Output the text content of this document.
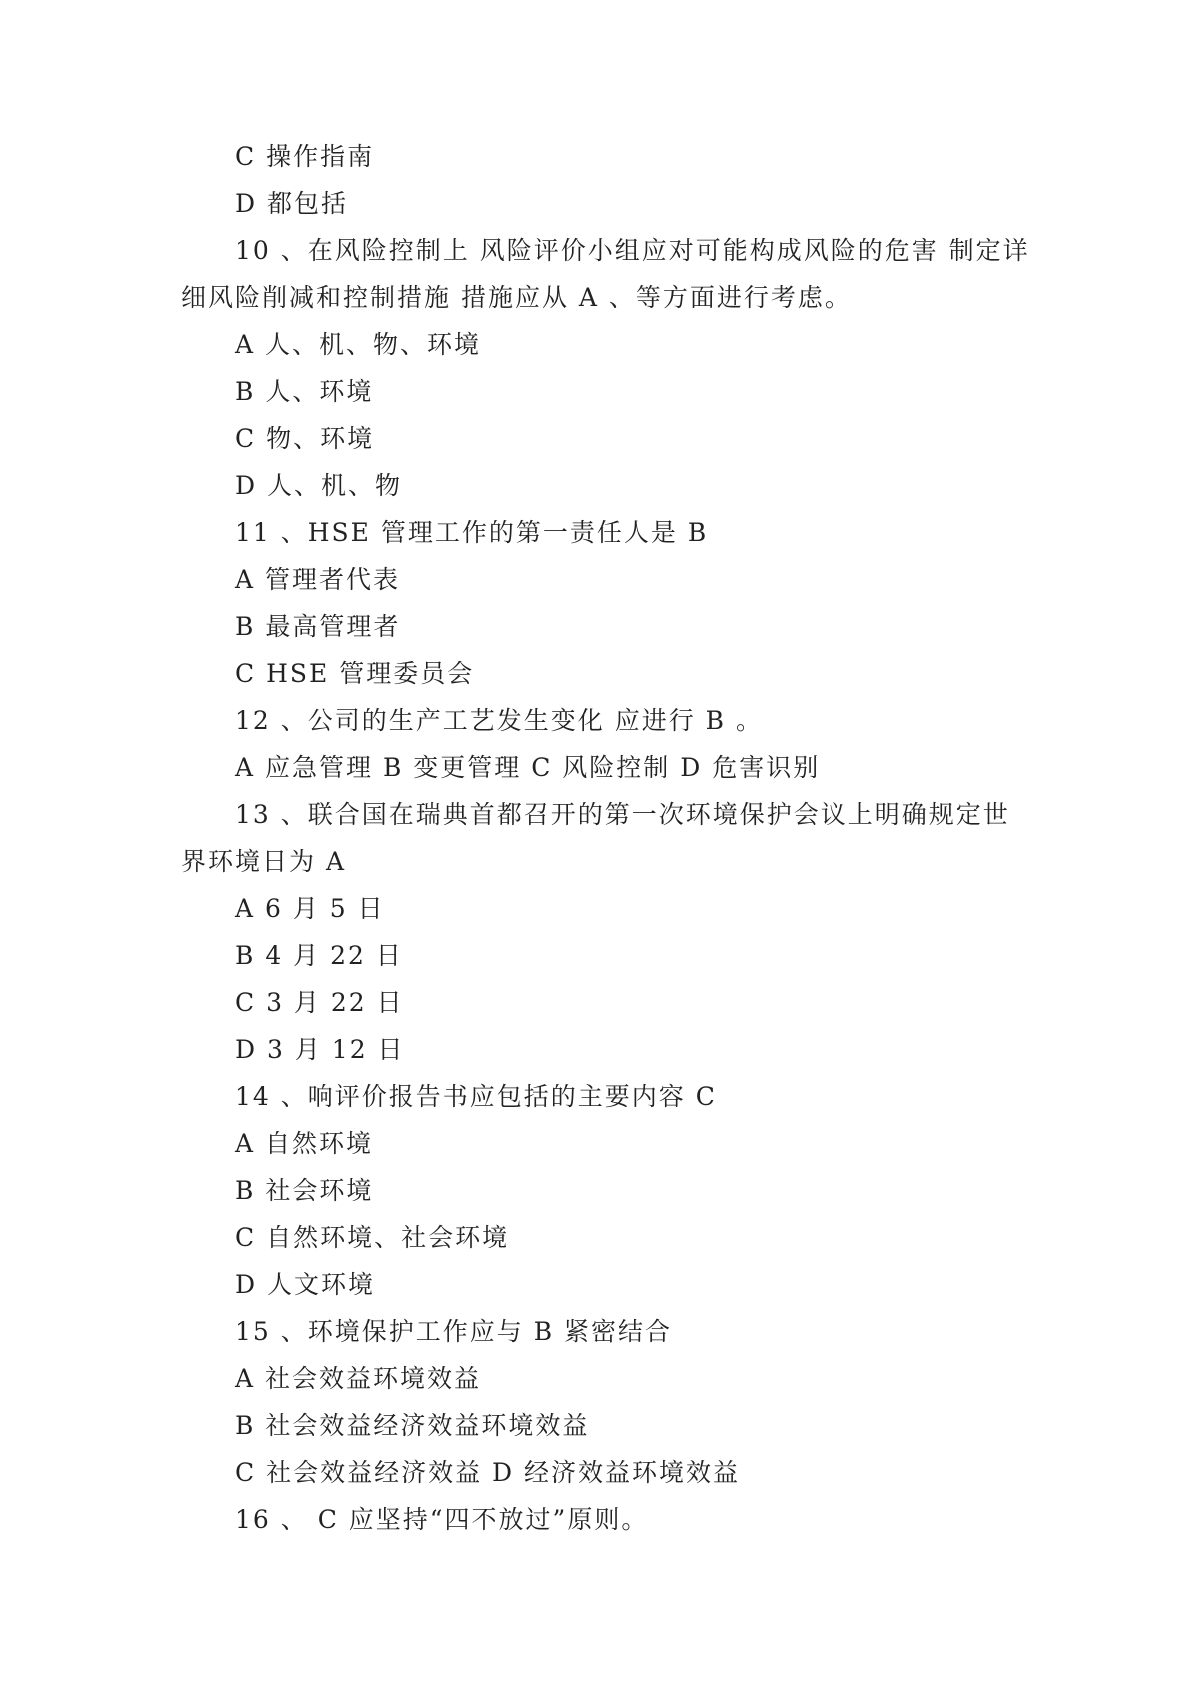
C 操作指南
D 都包括
10 、在风险控制上 风险评价小组应对可能构成风险的危害 制定详
细风险削减和控制措施 措施应从 A 、等方面进行考虑。
A 人、机、物、环境
B 人、环境
C 物、环境
D 人、机、物
11 、HSE 管理工作的第一责任人是 B
A 管理者代表
B 最高管理者
C HSE 管理委员会
12 、公司的生产工艺发生变化 应进行 B 。
A 应急管理 B 变更管理 C 风险控制 D 危害识别
13 、联合国在瑞典首都召开的第一次环境保护会议上明确规定世
界环境日为 A
A 6 月 5 日
B 4 月 22 日
C 3 月 22 日
D 3 月 12 日
14 、响评价报告书应包括的主要内容 C
A 自然环境
B 社会环境
C 自然环境、社会环境
D 人文环境
15 、环境保护工作应与 B 紧密结合
A 社会效益环境效益
B 社会效益经济效益环境效益
C 社会效益经济效益 D 经济效益环境效益
16 、 C 应坚持“四不放过”原则。
